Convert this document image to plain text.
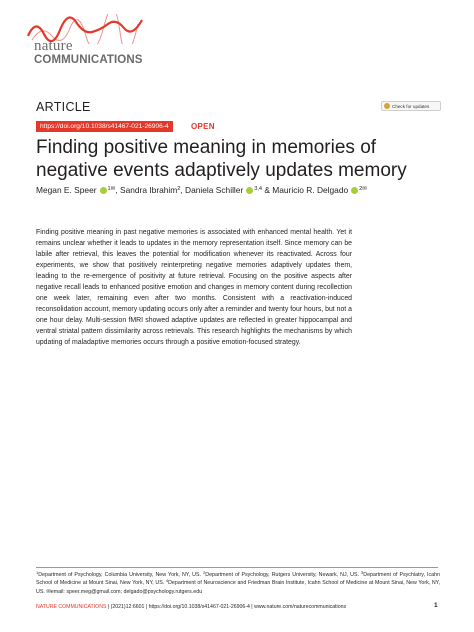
nature
COMMUNICATIONS
ARTICLE	Check for updates
https://doi.org/10.1038/s41467-021-26906-4	OPEN
Finding positive meaning in memories of negative events adaptively updates memory
Megan E. Speer $^{1✉}$, Sandra Ibrahim$^2$, Daniela Schiller $^{3,4}$ & Mauricio R. Delgado $^{2✉}$
Finding positive meaning in past negative memories is associated with enhanced mental health. Yet it remains unclear whether it leads to updates in the memory representation itself. Since memory can be labile after retrieval, this leaves the potential for modification whenever its reactivated. Across four experiments, we show that positively reinterpreting negative memories adaptively updates them, leading to the re-emergence of positivity at future retrieval. Focusing on the positive aspects after negative recall leads to enhanced positive emotion and changes in memory content during recollection one week later, remaining even after two months. Consistent with a reactivation-induced reconsolidation account, memory updating occurs only after a reminder and twenty four hours, but not a one hour delay. Multi-session fMRI showed adaptive updates are reflected in greater hippocampal and ventral striatal pattern dissimilarity across retrievals. This research highlights the mechanisms by which updating of maladaptive memories occurs through a positive emotion-focused strategy.
$^1$Department of Psychology, Columbia University, New York, NY, US. $^2$Department of Psychology, Rutgers University, Newark, NJ, US. $^3$Department of Psychiatry, Icahn School of Medicine at Mount Sinai, New York, NY, US. $^4$Department of Neuroscience and Friedman Brain Institute, Icahn School of Medicine at Mount Sinai, New York, NY, US. ✉email: speer.meg@gmail.com; delgado@psychology.rutgers.edu
NATURE COMMUNICATIONS | (2021)12:6601 | https://doi.org/10.1038/s41467-021-26906-4 | www.nature.com/naturecommunications	1
